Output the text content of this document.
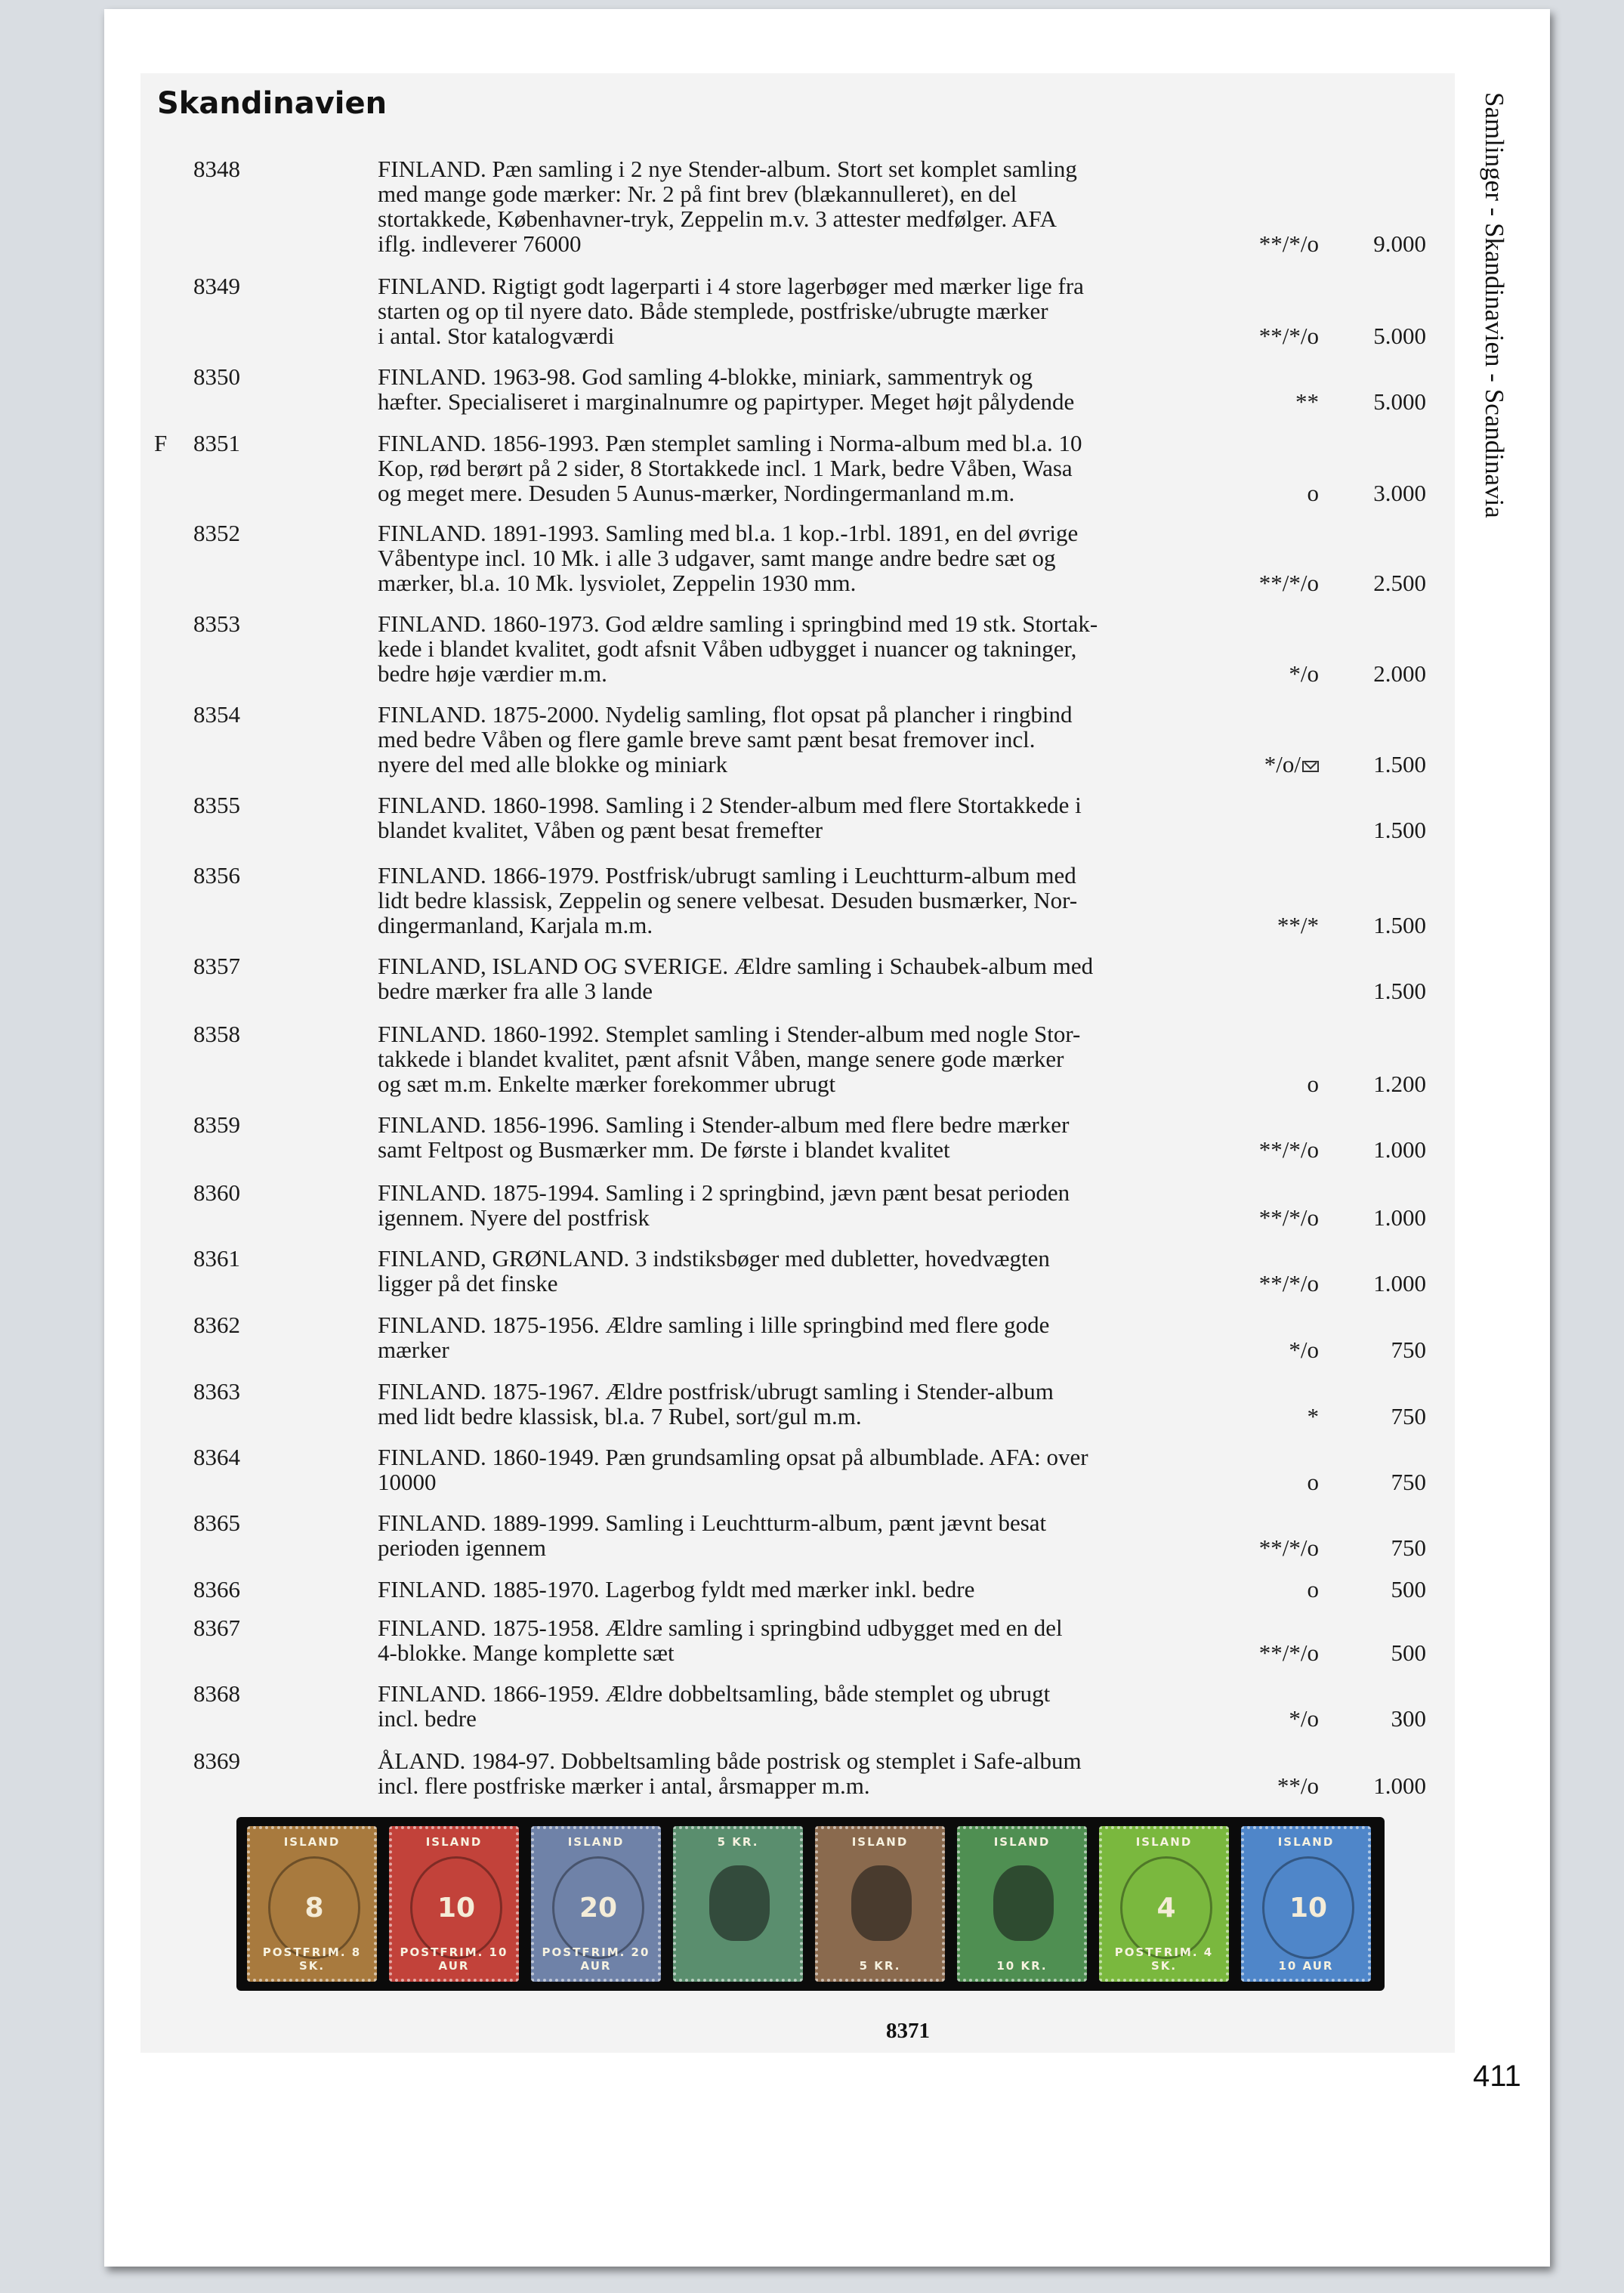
Skandinavien	Samlinger - Skandinavien - Scandinavia
8348	FINLAND. Pæn samling i 2 nye Stender-album. Stort set komplet samling
med mange gode mærker: Nr. 2 på fint brev (blækannulleret), en del
stortakkede, Københavner-tryk, Zeppelin m.v. 3 attester medfølger. AFA
iflg. indleverer 76000	**/*/o	9.000
8349	FINLAND. Rigtigt godt lagerparti i 4 store lagerbøger med mærker lige fra
starten og op til nyere dato. Både stemplede, postfriske/ubrugte mærker
i antal. Stor katalogværdi	**/*/o	5.000
8350	FINLAND. 1963-98. God samling 4-blokke, miniark, sammentryk og
hæfter. Specialiseret i marginalnumre og papirtyper. Meget højt pålydende	**	5.000
F 8351	FINLAND. 1856-1993. Pæn stemplet samling i Norma-album med bl.a. 10
Kop, rød berørt på 2 sider, 8 Stortakkede incl. 1 Mark, bedre Våben, Wasa
og meget mere. Desuden 5 Aunus-mærker, Nordingermanland m.m.	o	3.000
8352	FINLAND. 1891-1993. Samling med bl.a. 1 kop.-1rbl. 1891, en del øvrige
Våbentype incl. 10 Mk. i alle 3 udgaver, samt mange andre bedre sæt og
mærker, bl.a. 10 Mk. lysviolet, Zeppelin 1930 mm.	**/*/o	2.500
8353	FINLAND. 1860-1973. God ældre samling i springbind med 19 stk. Stortak-
kede i blandet kvalitet, godt afsnit Våben udbygget i nuancer og takninger,
bedre høje værdier m.m.	*/o	2.000
8354	FINLAND. 1875-2000. Nydelig samling, flot opsat på plancher i ringbind
med bedre Våben og flere gamle breve samt pænt besat fremover incl.
nyere del med alle blokke og miniark	*/o/	1.500
8355	FINLAND. 1860-1998. Samling i 2 Stender-album med flere Stortakkede i
blandet kvalitet, Våben og pænt besat fremefter	1.500
8356	FINLAND. 1866-1979. Postfrisk/ubrugt samling i Leuchtturm-album med
lidt bedre klassisk, Zeppelin og senere velbesat. Desuden busmærker, Nor-
dingermanland, Karjala m.m.	**/*	1.500
8357	FINLAND, ISLAND OG SVERIGE. Ældre samling i Schaubek-album med
bedre mærker fra alle 3 lande	1.500
8358	FINLAND. 1860-1992. Stemplet samling i Stender-album med nogle Stor-
takkede i blandet kvalitet, pænt afsnit Våben, mange senere gode mærker
og sæt m.m. Enkelte mærker forekommer ubrugt	o	1.200
8359	FINLAND. 1856-1996. Samling i Stender-album med flere bedre mærker
samt Feltpost og Busmærker mm. De første i blandet kvalitet	**/*/o	1.000
8360	FINLAND. 1875-1994. Samling i 2 springbind, jævn pænt besat perioden
igennem. Nyere del postfrisk	**/*/o	1.000
8361	FINLAND, GRØNLAND. 3 indstiksbøger med dubletter, hovedvægten
ligger på det finske	**/*/o	1.000
8362	FINLAND. 1875-1956. Ældre samling i lille springbind med flere gode
mærker	*/o	750
8363	FINLAND. 1875-1967. Ældre postfrisk/ubrugt samling i Stender-album
med lidt bedre klassisk, bl.a. 7 Rubel, sort/gul m.m.	*	750
8364	FINLAND. 1860-1949. Pæn grundsamling opsat på albumblade. AFA: over
10000	o	750
8365	FINLAND. 1889-1999. Samling i Leuchtturm-album, pænt jævnt besat
perioden igennem	**/*/o	750
8366	FINLAND. 1885-1970. Lagerbog fyldt med mærker inkl. bedre	o	500
8367	FINLAND. 1875-1958. Ældre samling i springbind udbygget med en del
4-blokke. Mange komplette sæt	**/*/o	500
8368	FINLAND. 1866-1959. Ældre dobbeltsamling, både stemplet og ubrugt
incl. bedre	*/o	300
8369	ÅLAND. 1984-97. Dobbeltsamling både postrisk og stemplet i Safe-album
incl. flere postfriske mærker i antal, årsmapper m.m.	**/o	1.000
ISLAND
8
POSTFRIM. 8 SK.
ISLAND
10
POSTFRIM. 10 AUR
ISLAND
20
POSTFRIM. 20 AUR
5 KR.	ISLAND
5 KR.
ISLAND
10 KR.
ISLAND
4
POSTFRIM. 4 SK.
ISLAND
10
10 AUR
8371
411
